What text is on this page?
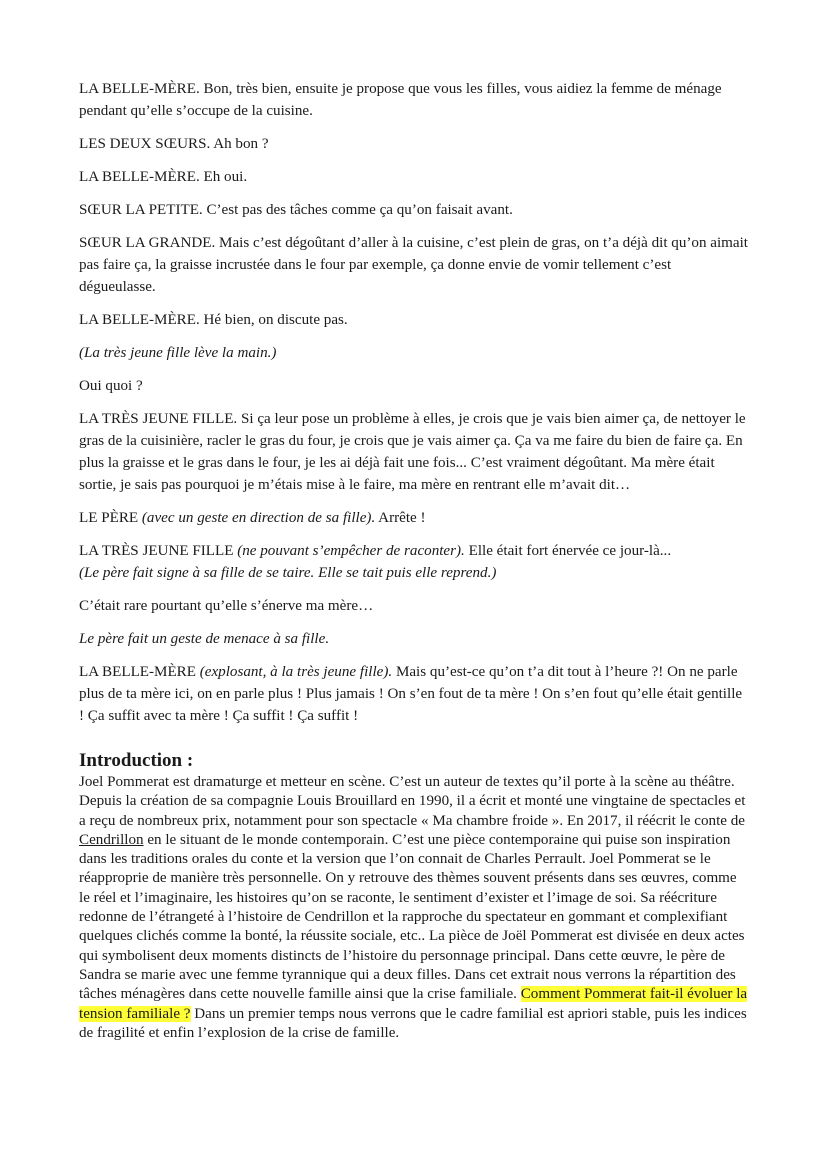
LA BELLE-MÈRE. Bon, très bien, ensuite je propose que vous les filles, vous aidiez la femme de ménage pendant qu’elle s’occupe de la cuisine.

LES DEUX SŒURS. Ah bon ?

LA BELLE-MÈRE. Eh oui.

SŒUR LA PETITE. C’est pas des tâches comme ça qu’on faisait avant.

SŒUR LA GRANDE. Mais c’est dégoûtant d’aller à la cuisine, c’est plein de gras, on t’a déjà dit qu’on aimait pas faire ça, la graisse incrustée dans le four par exemple, ça donne envie de vomir tellement c’est dégueulasse.

LA BELLE-MÈRE. Hé bien, on discute pas.

(La très jeune fille lève la main.)

Oui quoi ?

LA TRÈS JEUNE FILLE. Si ça leur pose un problème à elles, je crois que je vais bien aimer ça, de nettoyer le gras de la cuisinière, racler le gras du four, je crois que je vais aimer ça. Ça va me faire du bien de faire ça. En plus la graisse et le gras dans le four, je les ai déjà fait une fois... C’est vraiment dégoûtant. Ma mère était sortie, je sais pas pourquoi je m’étais mise à le faire, ma mère en rentrant elle m’avait dit…

LE PÈRE (avec un geste en direction de sa fille). Arrête !

LA TRÈS JEUNE FILLE (ne pouvant s’empêcher de raconter). Elle était fort énervée ce jour-là...
(Le père fait signe à sa fille de se taire. Elle se tait puis elle reprend.)

C’était rare pourtant qu’elle s’énerve ma mère…

Le père fait un geste de menace à sa fille.

LA BELLE-MÈRE (explosant, à la très jeune fille). Mais qu’est-ce qu’on t’a dit tout à l’heure ?! On ne parle plus de ta mère ici, on en parle plus ! Plus jamais ! On s’en fout de ta mère ! On s’en fout qu’elle était gentille ! Ça suffit avec ta mère ! Ça suffit ! Ça suffit !

Introduction :

Joel Pommerat est dramaturge et metteur en scène. C’est un auteur de textes qu’il porte à la scène au théâtre. Depuis la création de sa compagnie Louis Brouillard en 1990, il a écrit et monté une vingtaine de spectacles et a reçu de nombreux prix, notamment pour son spectacle « Ma chambre froide ». En 2017, il réécrit le conte de Cendrillon en le situant de le monde contemporain. C’est une pièce contemporaine qui puise son inspiration dans les traditions orales du conte et la version que l’on connait de Charles Perrault. Joel Pommerat se le réapproprie de manière très personnelle. On y retrouve des thèmes souvent présents dans ses œuvres, comme le réel et l’imaginaire, les histoires qu’on se raconte, le sentiment d’exister et l’image de soi. Sa réécriture redonne de l’étrangeté à l’histoire de Cendrillon et la rapproche du spectateur en gommant et complexifiant quelques clichés comme la bonté, la réussite sociale, etc.. La pièce de Joël Pommerat est divisée en deux actes qui symbolisent deux moments distincts de l’histoire du personnage principal. Dans cette œuvre, le père de Sandra se marie avec une femme tyrannique qui a deux filles. Dans cet extrait nous verrons la répartition des tâches ménagères dans cette nouvelle famille ainsi que la crise familiale. Comment Pommerat fait-il évoluer la tension familiale ? Dans un premier temps nous verrons que le cadre familial est apriori stable, puis les indices de fragilité et enfin l’explosion de la crise de famille.
